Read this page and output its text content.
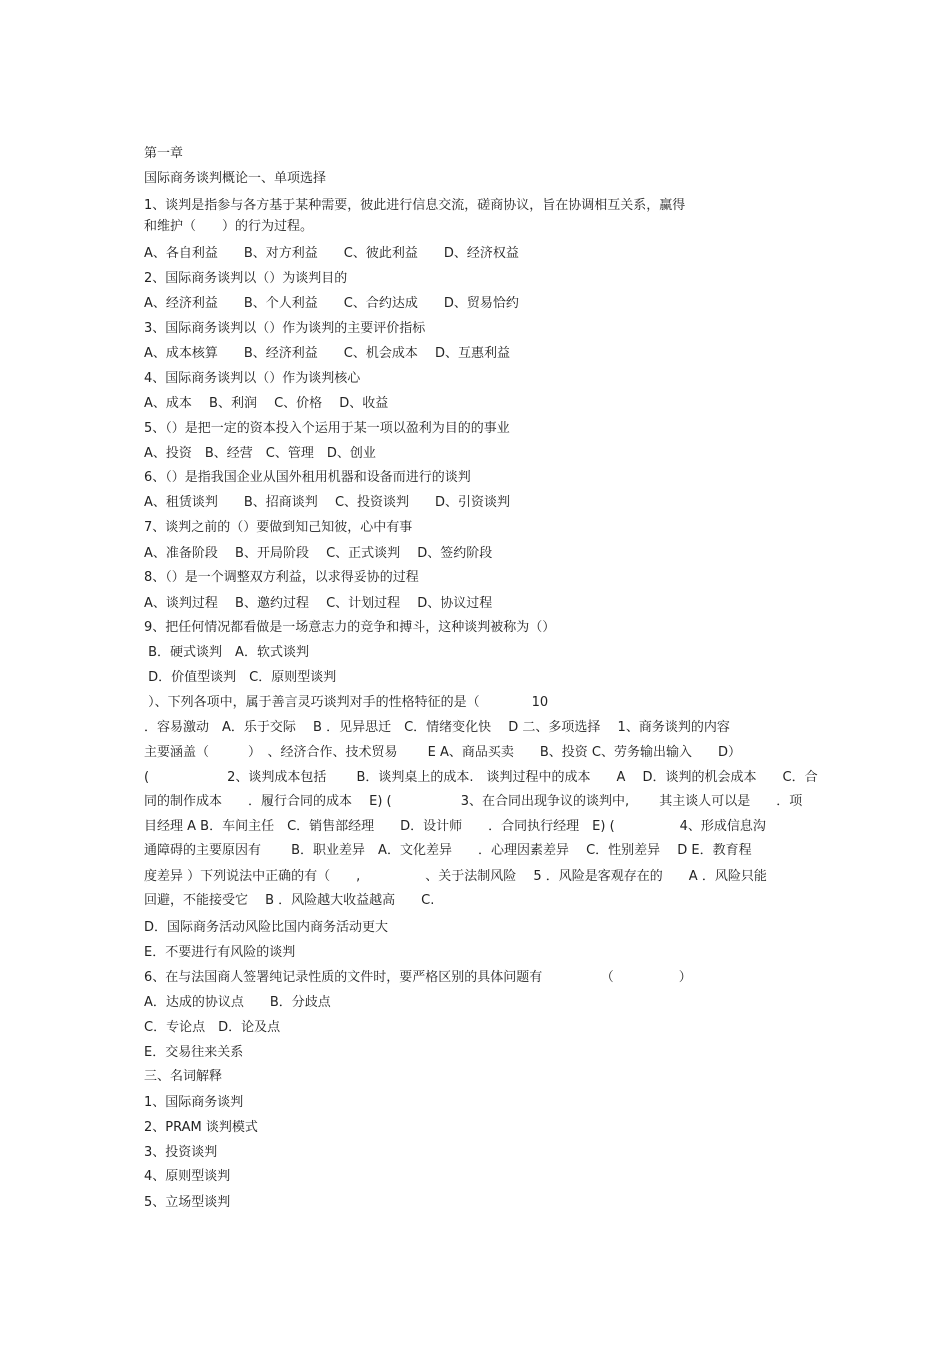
第一章
国际商务谈判概论一、单项选择
1、谈判是指参与各方基于某种需要，彼此进行信息交流，磋商协议，旨在协调相互关系，赢得
和维护（　　）的行为过程。
A、各自利益　　B、对方利益　　C、彼此利益　　D、经济权益
2、国际商务谈判以（）为谈判目的
A、经济利益　　B、个人利益　　C、合约达成　　D、贸易恰约
3、国际商务谈判以（）作为谈判的主要评价指标
A、成本核算　　B、经济利益　　C、机会成本　 D、互惠利益
4、国际商务谈判以（）作为谈判核心
A、成本　 B、利润　 C、价格　 D、收益
5、（）是把一定的资本投入个运用于某一项以盈利为目的的事业
A、投资　B、经营　C、管理　D、创业
6、（）是指我国企业从国外租用机器和设备而进行的谈判
A、租赁谈判　　B、招商谈判　 C、投资谈判　　D、引资谈判
7、谈判之前的（）要做到知己知彼，心中有事
A、准备阶段　 B、开局阶段　 C、正式谈判　 D、签约阶段
8、（）是一个调整双方利益，以求得妥协的过程
A、谈判过程　 B、邀约过程　 C、计划过程　 D、协议过程
9、把任何情况都看做是一场意志力的竞争和搏斗，这种谈判被称为（）
B．硬式谈判　A．软式谈判
D．价值型谈判　C．原则型谈判
）、下列各项中，属于善言灵巧谈判对手的性格特征的是（　　　　10
．容易激动　A．乐于交际　 B ．见异思迁　C．情绪变化快　 D 二、多项选择　 1、商务谈判的内容
主要涵盖（　　　）　、经济合作、技术贸易　　 E A、商品买卖　　B、投资 C、劳务输出输入　　D）
(　　　　　　2、谈判成本包括　　 B．谈判桌上的成本.　谈判过程中的成本　　A　 D．谈判的机会成本　　C．合
同的制作成本　　．履行合同的成本　 E) (　　　　　 3、在合同出现争议的谈判中,　　 其主谈人可以是　　．项
目经理 A B．车间主任　C．销售部经理　　D．设计师　　．合同执行经理　E) (　　　　　4、形成信息沟
通障碍的主要原因有　　 B．职业差异　A．文化差异　　．心理因素差异　 C．性别差异　 D E．教育程
度差异 ）下列说法中正确的有（　　,　　　　　、关于法制风险　 5 ．风险是客观存在的　　A ．风险只能
回避，不能接受它　 B ．风险越大收益越高　　C.
D．国际商务活动风险比国内商务活动更大
E．不要进行有风险的谈判
6、在与法国商人签署纯记录性质的文件时，要严格区别的具体问题有　　　　　（　　　　　）
A．达成的协议点　　B．分歧点
C．专论点　D．论及点
E．交易往来关系
三、名词解释
1、国际商务谈判
2、PRAM 谈判模式
3、投资谈判
4、原则型谈判
5、立场型谈判
